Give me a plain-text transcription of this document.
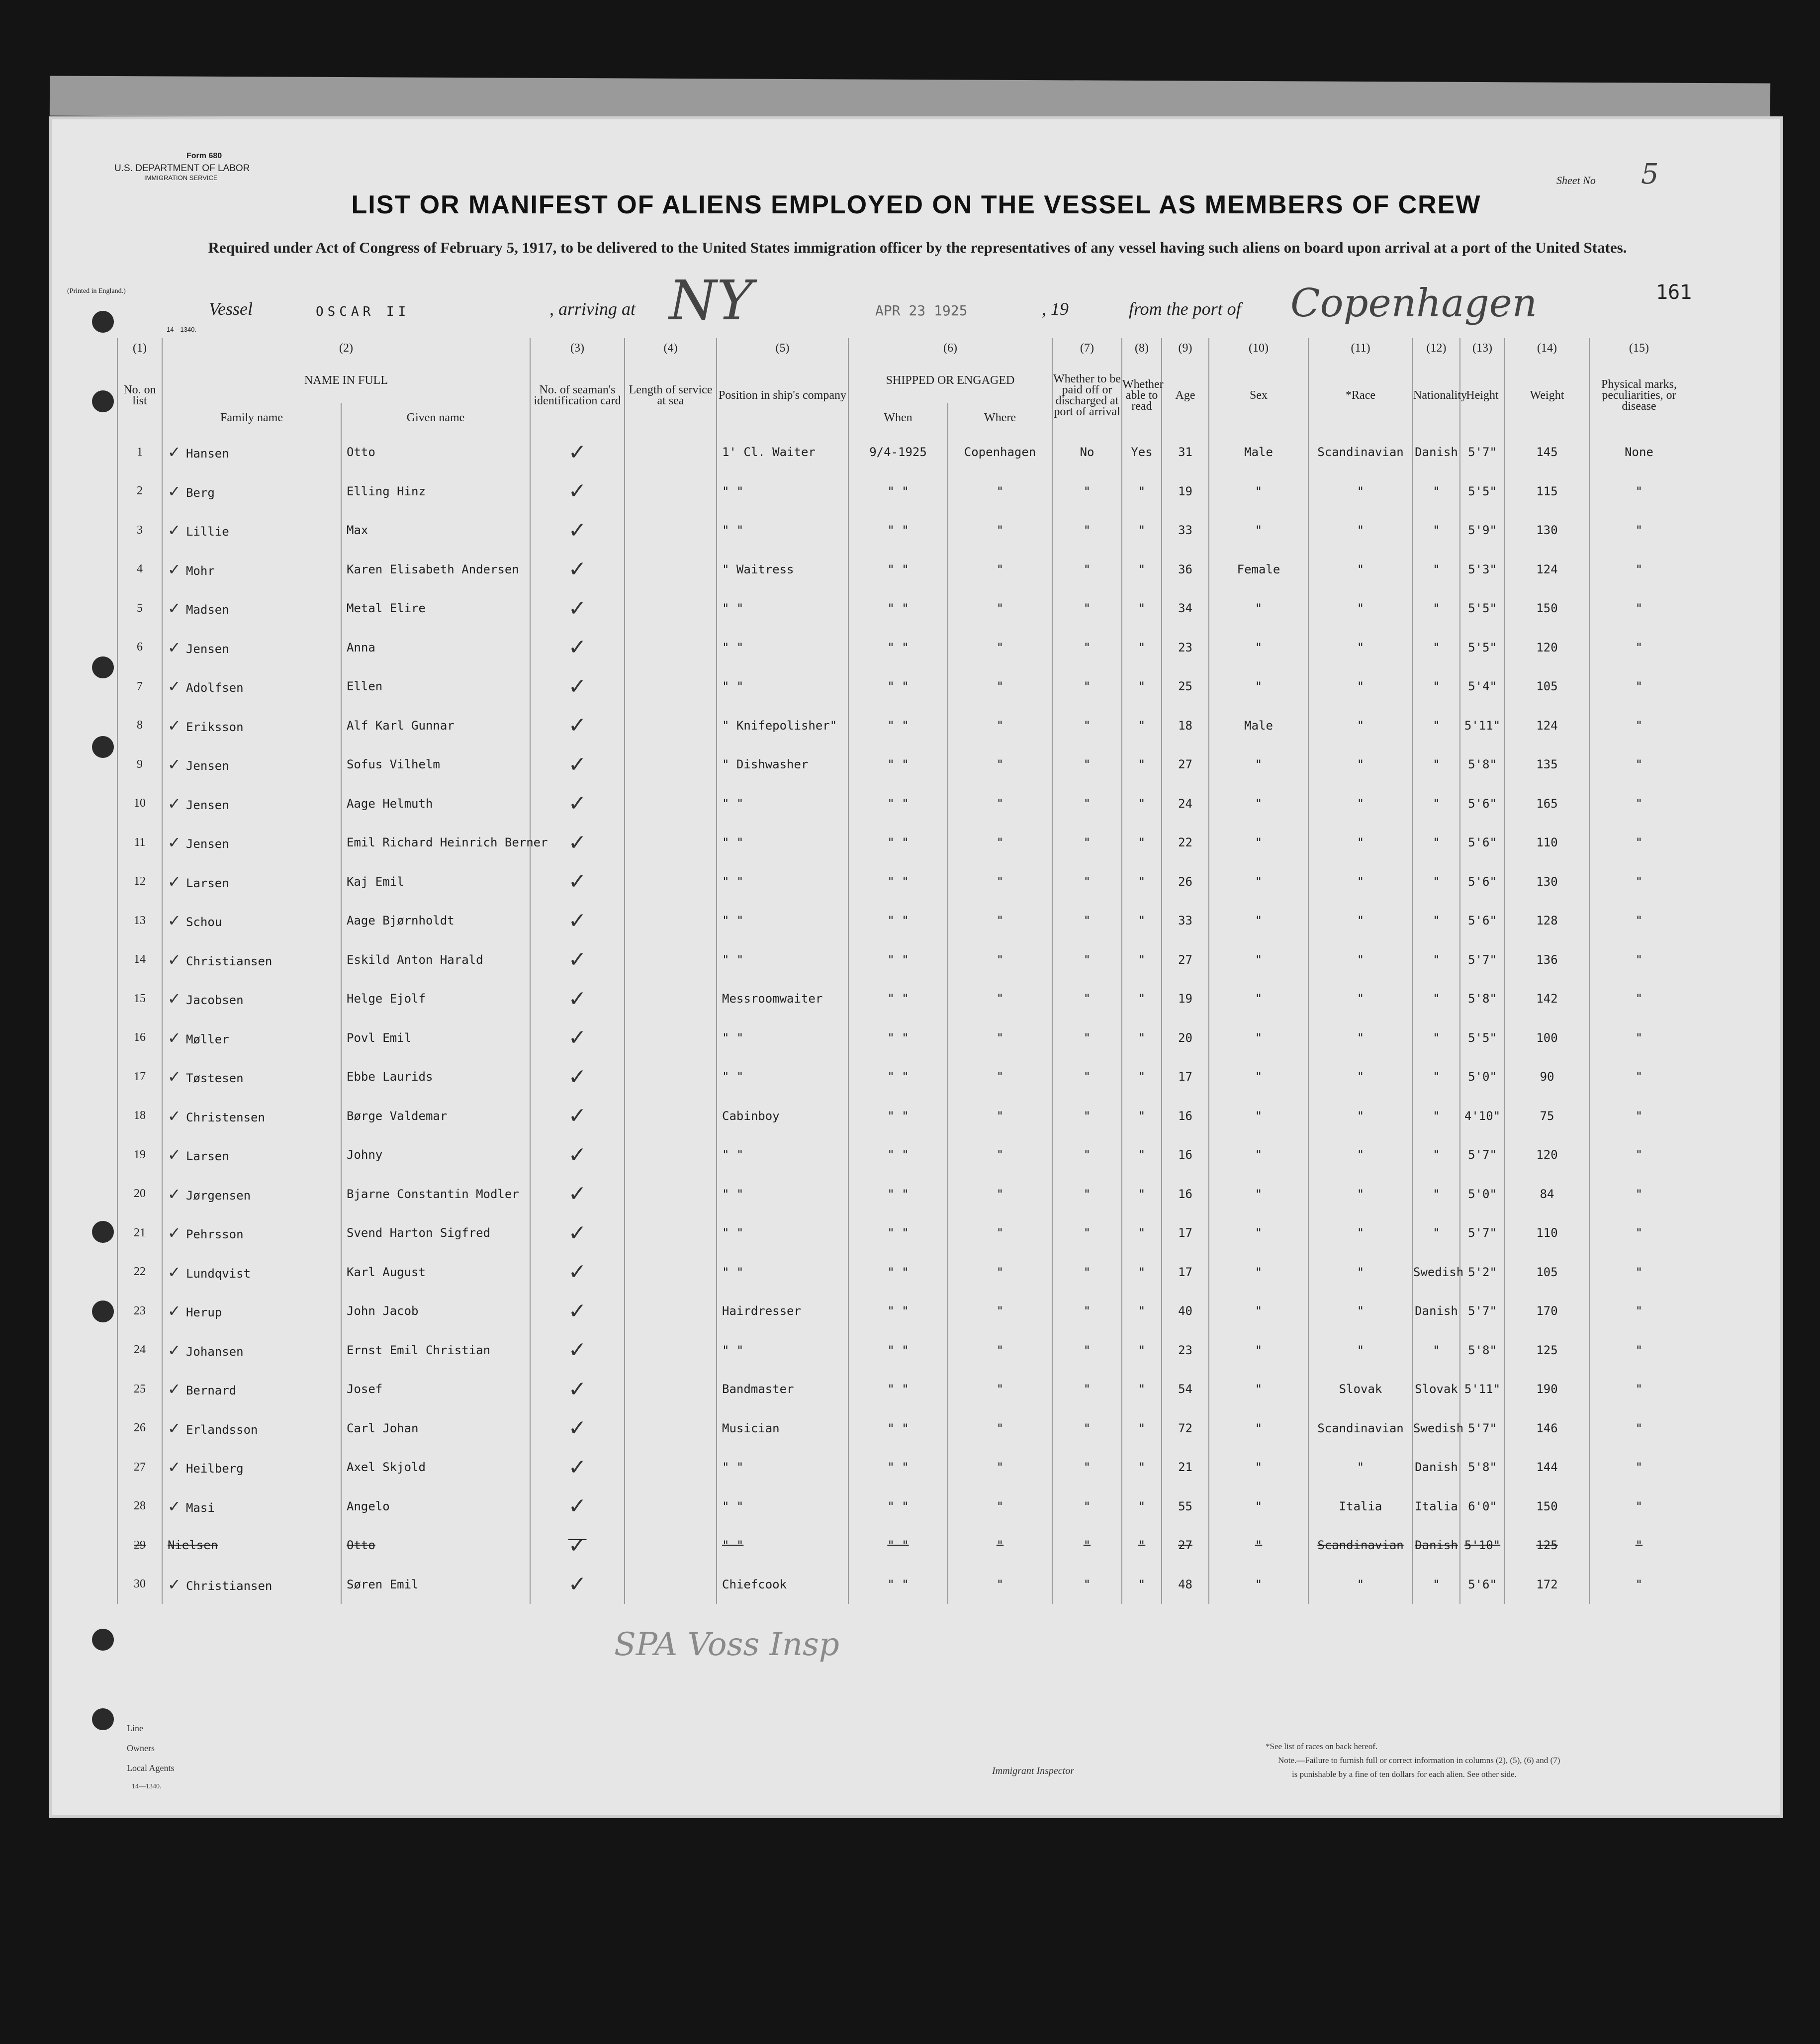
Form 680
U.S. DEPARTMENT OF LABOR
IMMIGRATION SERVICE	Sheet No 5
LIST OR MANIFEST OF ALIENS EMPLOYED ON THE VESSEL AS MEMBERS OF CREW
Required under Act of Congress of February 5, 1917, to be delivered to the United States immigration officer by the representatives of any vessel having such aliens on board upon arrival at a port of the United States.
(Printed in England.)
14—1340.
Vessel	OSCAR II	, arriving at NY	APR 23 1925	, 19	from the port of Copenhagen	161
(1)	(2)		(3)	(4)	(5)	(6)		(7)	(8)	(9)	(10)	(11)	(12)	(13)	(14)	(15)
No. on list	NAME IN FULL		No. of seaman's identification card	Length of service at sea	Position in ship's company	SHIPPED OR ENGAGED		Whether to be paid off or discharged at port of arrival	Whether able to read	Age	Sex	*Race	Nationality	Height	Weight	Physical marks, peculiarities, or disease
	Family name	Given name				When	Where									
1	✓ Hansen	Otto	✓		1' Cl. Waiter	9/4-1925	Copenhagen	No	Yes	31	Male	Scandinavian	Danish	5'7"	145	None
2	✓ Berg	Elling Hinz	✓		" "	" "	"	"	"	19	"	"	"	5'5"	115	"
3	✓ Lillie	Max	✓		" "	" "	"	"	"	33	"	"	"	5'9"	130	"
4	✓ Mohr	Karen Elisabeth Andersen	✓		" Waitress	" "	"	"	"	36	Female	"	"	5'3"	124	"
5	✓ Madsen	Metal Elire	✓		" "	" "	"	"	"	34	"	"	"	5'5"	150	"
6	✓ Jensen	Anna	✓		" "	" "	"	"	"	23	"	"	"	5'5"	120	"
7	✓ Adolfsen	Ellen	✓		" "	" "	"	"	"	25	"	"	"	5'4"	105	"
8	✓ Eriksson	Alf Karl Gunnar	✓		" Knifepolisher"	" "	"	"	"	18	Male	"	"	5'11"	124	"
9	✓ Jensen	Sofus Vilhelm	✓		" Dishwasher	" "	"	"	"	27	"	"	"	5'8"	135	"
10	✓ Jensen	Aage Helmuth	✓		" "	" "	"	"	"	24	"	"	"	5'6"	165	"
11	✓ Jensen	Emil Richard Heinrich Berner	✓		" "	" "	"	"	"	22	"	"	"	5'6"	110	"
12	✓ Larsen	Kaj Emil	✓		" "	" "	"	"	"	26	"	"	"	5'6"	130	"
13	✓ Schou	Aage Bjørnholdt	✓		" "	" "	"	"	"	33	"	"	"	5'6"	128	"
14	✓ Christiansen	Eskild Anton Harald	✓		" "	" "	"	"	"	27	"	"	"	5'7"	136	"
15	✓ Jacobsen	Helge Ejolf	✓		Messroomwaiter	" "	"	"	"	19	"	"	"	5'8"	142	"
16	✓ Møller	Povl Emil	✓		" "	" "	"	"	"	20	"	"	"	5'5"	100	"
17	✓ Tøstesen	Ebbe Laurids	✓		" "	" "	"	"	"	17	"	"	"	5'0"	90	"
18	✓ Christensen	Børge Valdemar	✓		Cabinboy	" "	"	"	"	16	"	"	"	4'10"	75	"
19	✓ Larsen	Johny	✓		" "	" "	"	"	"	16	"	"	"	5'7"	120	"
20	✓ Jørgensen	Bjarne Constantin Modler	✓		" "	" "	"	"	"	16	"	"	"	5'0"	84	"
21	✓ Pehrsson	Svend Harton Sigfred	✓		" "	" "	"	"	"	17	"	"	"	5'7"	110	"
22	✓ Lundqvist	Karl August	✓		" "	" "	"	"	"	17	"	"	Swedish	5'2"	105	"
23	✓ Herup	John Jacob	✓		Hairdresser	" "	"	"	"	40	"	"	Danish	5'7"	170	"
24	✓ Johansen	Ernst Emil Christian	✓		" "	" "	"	"	"	23	"	"	"	5'8"	125	"
25	✓ Bernard	Josef	✓		Bandmaster	" "	"	"	"	54	"	Slovak	Slovak	5'11"	190	"
26	✓ Erlandsson	Carl Johan	✓		Musician	" "	"	"	"	72	"	Scandinavian	Swedish	5'7"	146	"
27	✓ Heilberg	Axel Skjold	✓		" "	" "	"	"	"	21	"	"	Danish	5'8"	144	"
28	✓ Masi	Angelo	✓		" "	" "	"	"	"	55	"	Italia	Italia	6'0"	150	"
29	Nielsen	Otto	✓		" "	" "	"	"	"	27	"	Scandinavian	Danish	5'10"	125	"
30	✓ Christiansen	Søren Emil	✓		Chiefcook	" "	"	"	"	48	"	"	"	5'6"	172	"
Line
Owners
Local Agents
14—1340.
SPA Voss Insp
Immigrant Inspector
*See list of races on back hereof.
Note.—Failure to furnish full or correct information in columns (2), (5), (6) and (7)
is punishable by a fine of ten dollars for each alien. See other side.
